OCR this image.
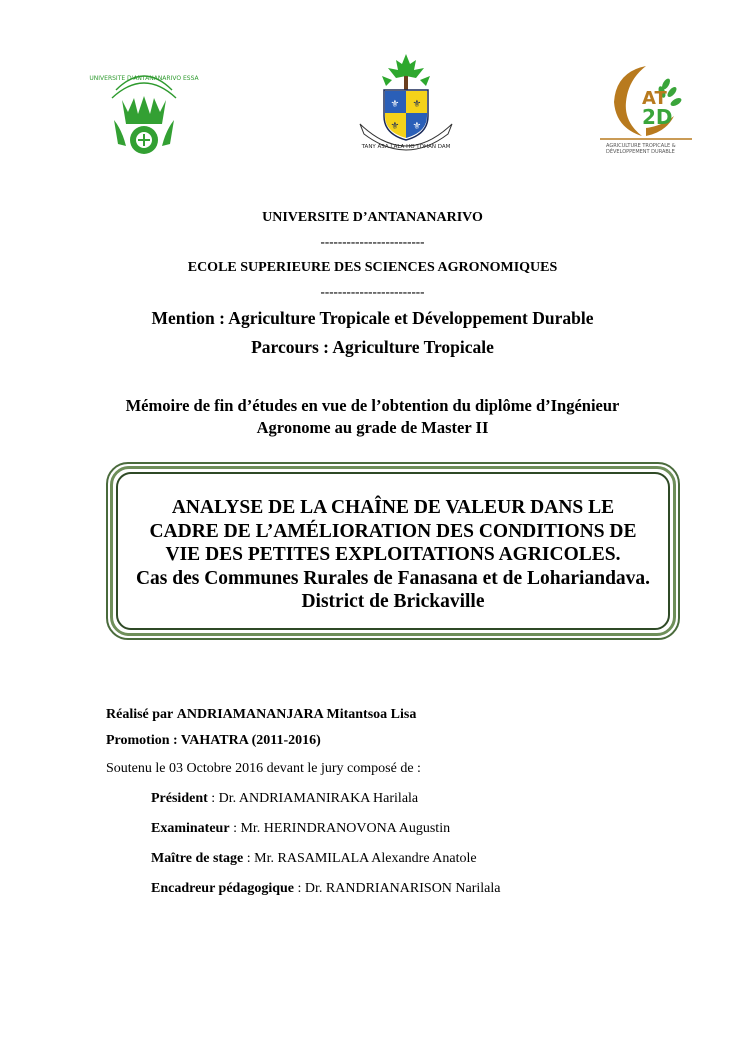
UNIVERSITE D'ANTANANARIVO ESSA
⚜ ⚜
⚜ ⚜
TANY ASA LALA HO TOHAN DAM
AT
2D
AGRICULTURE TROPICALE &
DÉVELOPPEMENT DURABLE
UNIVERSITE D’ANTANANARIVO
------------------------
ECOLE SUPERIEURE DES SCIENCES AGRONOMIQUES
------------------------
Mention : Agriculture Tropicale et Développement Durable
Parcours : Agriculture Tropicale
Mémoire de fin d’études en vue de l’obtention du diplôme d’Ingénieur
Agronome au grade de Master II
ANALYSE DE LA CHAÎNE DE VALEUR DANS LE
CADRE DE L’AMÉLIORATION DES CONDITIONS DE
VIE DES PETITES EXPLOITATIONS AGRICOLES.
Cas des Communes Rurales de Fanasana et de Lohariandava.
District de Brickaville
Réalisé par ANDRIAMANANJARA Mitantsoa Lisa
Promotion : VAHATRA (2011-2016)
Soutenu le 03 Octobre 2016 devant le jury composé de :
Président : Dr. ANDRIAMANIRAKA Harilala
Examinateur : Mr. HERINDRANOVONA Augustin
Maître de stage : Mr. RASAMILALA Alexandre Anatole
Encadreur pédagogique : Dr. RANDRIANARISON Narilala
